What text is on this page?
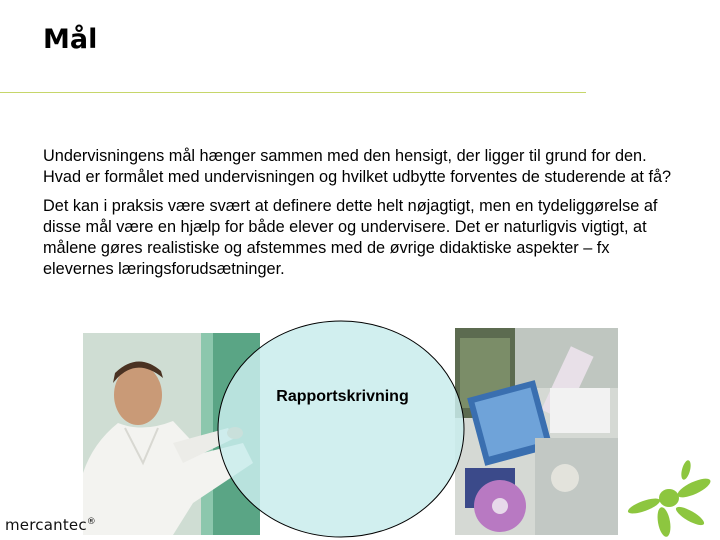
Mål

Undervisningens mål hænger sammen med den hensigt, der ligger til grund for den. Hvad er formålet med undervisningen og hvilket udbytte forventes de studerende at få?

Det kan i praksis være svært at definere dette helt nøjagtigt, men en tydeliggørelse af disse mål være en hjælp for både elever og undervisere. Det er naturligvis vigtigt, at målene gøres realistiske og afstemmes med de øvrige didaktiske aspekter – fx elevernes læringsforudsætninger.

Rapportskrivning
mercantec®
